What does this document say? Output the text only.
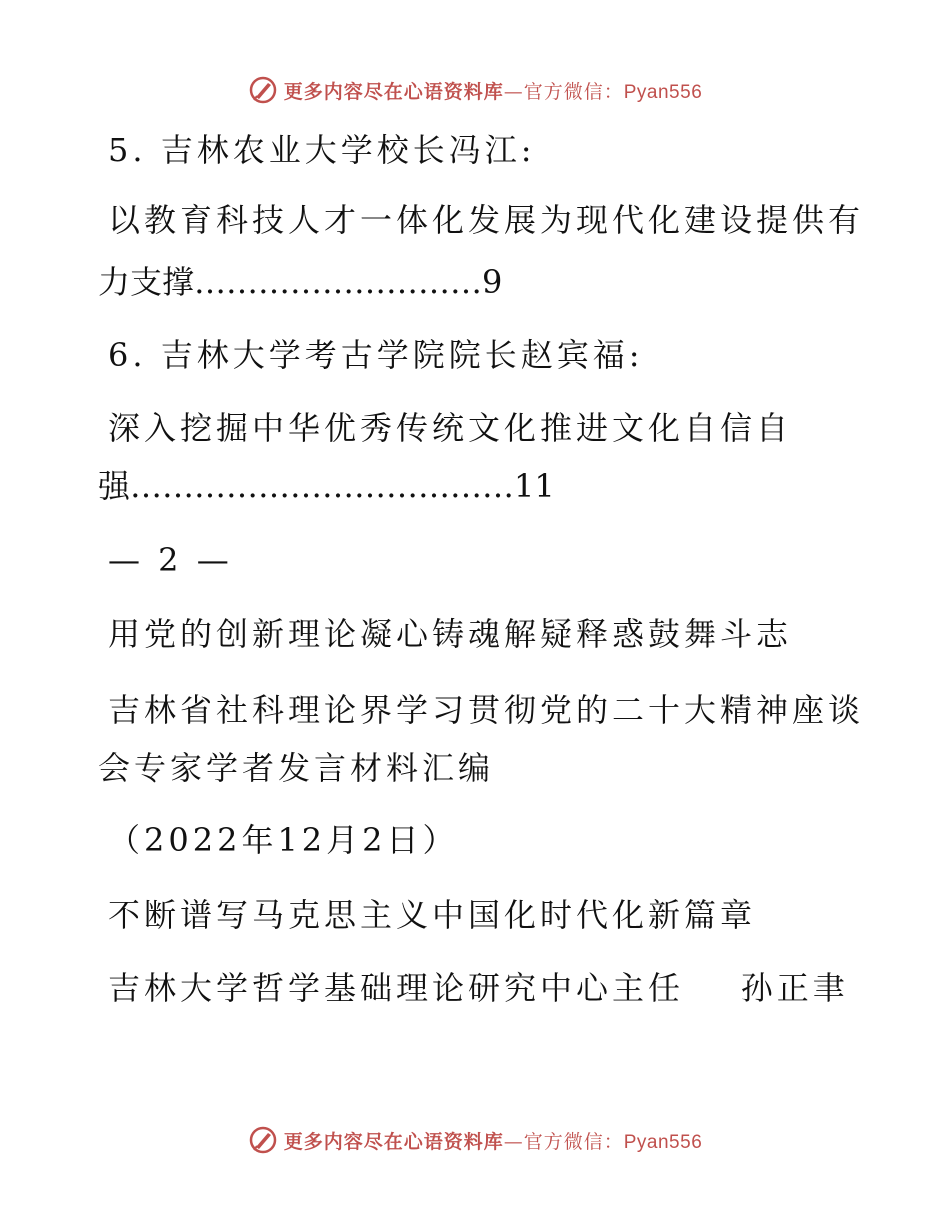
更多内容尽在心语资料库—官方微信：Pyan556
5. 吉林农业大学校长冯江:
以教育科技人才一体化发展为现代化建设提供有
力支撑………………………9
6. 吉林大学考古学院院长赵宾福:
深入挖掘中华优秀传统文化推进文化自信自
强………………………………11
— 2 —
用党的创新理论凝心铸魂解疑释惑鼓舞斗志
吉林省社科理论界学习贯彻党的二十大精神座谈
会专家学者发言材料汇编
（2022年12月2日）
不断谱写马克思主义中国化时代化新篇章
吉林大学哲学基础理论研究中心主任    孙正聿
更多内容尽在心语资料库—官方微信：Pyan556
